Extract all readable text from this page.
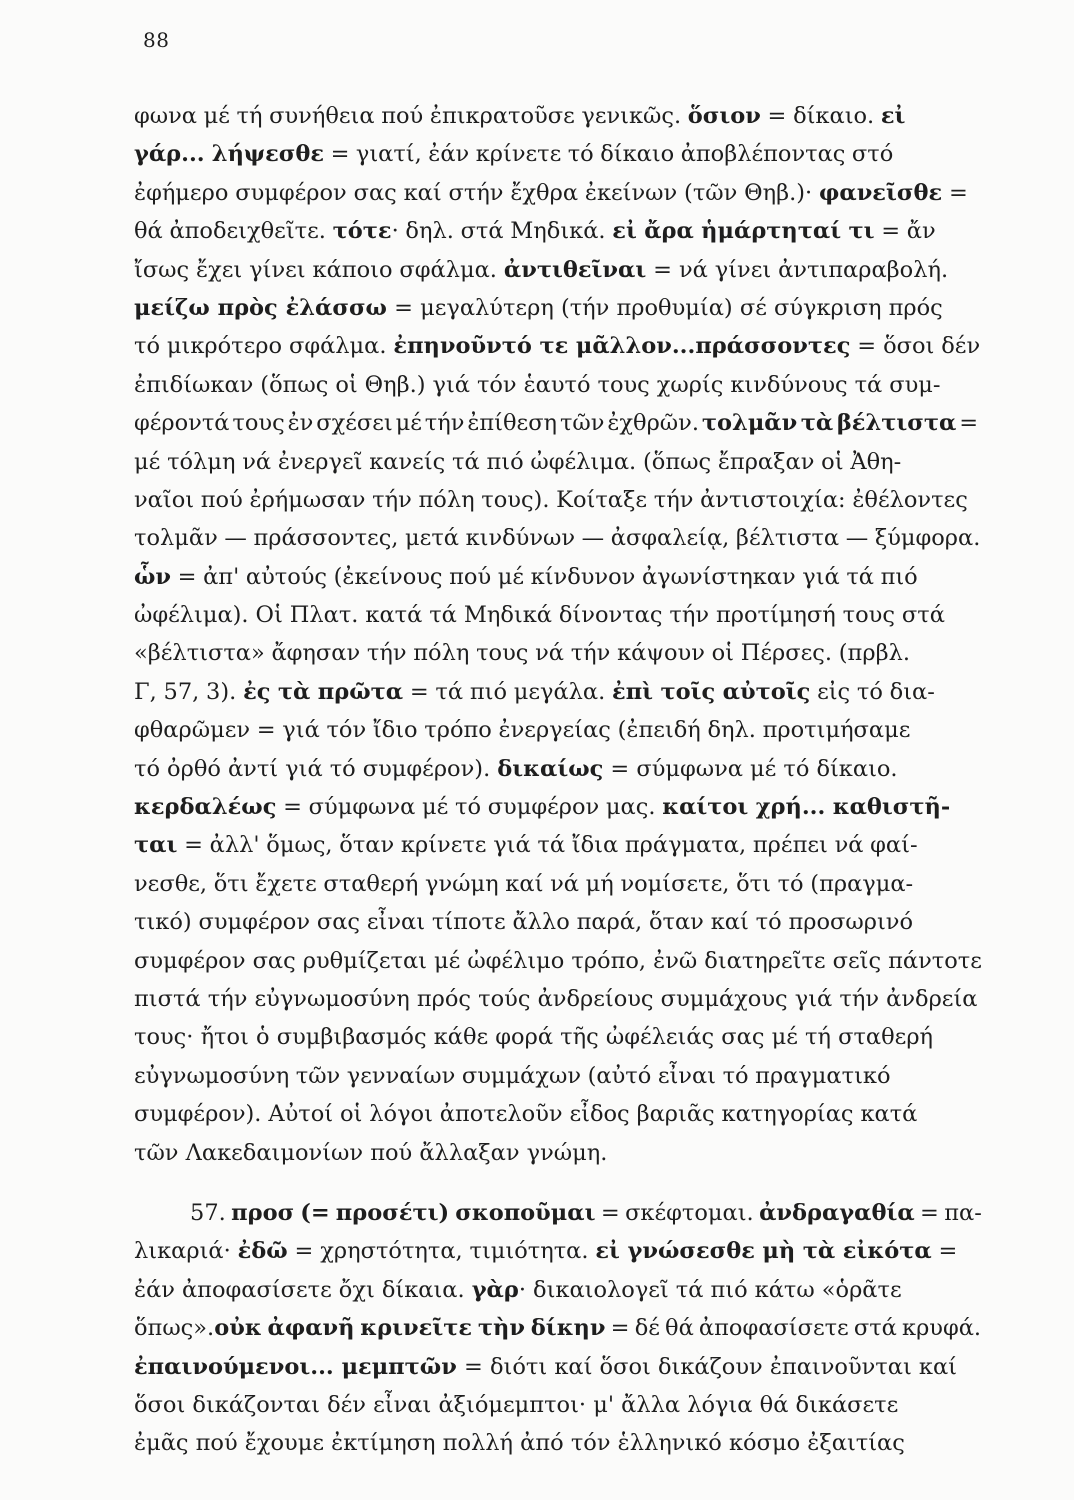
88
φωνα μέ τή συνήθεια πού ἐπικρατοῦσε γενικῶς. ὅσιον = δίκαιο. εἰ
γάρ... λήψεσθε = γιατί, ἐάν κρίνετε τό δίκαιο ἀποβλέποντας στό
ἐφήμερο συμφέρον σας καί στήν ἔχθρα ἐκείνων (τῶν Θηβ.)· φανεῖσθε =
θά ἀποδειχθεῖτε. τότε· δηλ. στά Μηδικά. εἰ ἄρα ἡμάρτηταί τι = ἄν
ἴσως ἔχει γίνει κάποιο σφάλμα. ἀντιθεῖναι = νά γίνει ἀντιπαραβολή.
μείζω πρὸς ἐλάσσω = μεγαλύτερη (τήν προθυμία) σέ σύγκριση πρός
τό μικρότερο σφάλμα. ἐπηνοῦντό τε μᾶλλον...πράσσοντες = ὅσοι δέν
ἐπιδίωκαν (ὅπως οἱ Θηβ.) γιά τόν ἑαυτό τους χωρίς κινδύνους τά συμ-
φέροντά τους ἐν σχέσει μέ τήν ἐπίθεση τῶν ἐχθρῶν. τολμᾶν τὰ βέλτιστα =
μέ τόλμη νά ἐνεργεῖ κανείς τά πιό ὠφέλιμα. (ὅπως ἔπραξαν οἱ Ἀθη-
ναῖοι πού ἐρήμωσαν τήν πόλη τους). Κοίταξε τήν ἀντιστοιχία: ἐθέλοντες
τολμᾶν — πράσσοντες, μετά κινδύνων — ἀσφαλείᾳ, βέλτιστα — ξύμφορα.
ὧν = ἀπ' αὐτούς (ἐκείνους πού μέ κίνδυνον ἀγωνίστηκαν γιά τά πιό
ὠφέλιμα). Οἱ Πλατ. κατά τά Μηδικά δίνοντας τήν προτίμησή τους στά
«βέλτιστα» ἄφησαν τήν πόλη τους νά τήν κάψουν οἱ Πέρσες. (πρβλ.
Γ, 57, 3). ἐς τὰ πρῶτα = τά πιό μεγάλα. ἐπὶ τοῖς αὐτοῖς εἰς τό δια-
φθαρῶμεν = γιά τόν ἴδιο τρόπο ἐνεργείας (ἐπειδή δηλ. προτιμήσαμε
τό ὀρθό ἀντί γιά τό συμφέρον). δικαίως = σύμφωνα μέ τό δίκαιο.
κερδαλέως = σύμφωνα μέ τό συμφέρον μας. καίτοι χρή... καθιστῆ-
ται = ἀλλ' ὅμως, ὅταν κρίνετε γιά τά ἴδια πράγματα, πρέπει νά φαί-
νεσθε, ὅτι ἔχετε σταθερή γνώμη καί νά μή νομίσετε, ὅτι τό (πραγμα-
τικό) συμφέρον σας εἶναι τίποτε ἄλλο παρά, ὅταν καί τό προσωρινό
συμφέρον σας ρυθμίζεται μέ ὠφέλιμο τρόπο, ἐνῶ διατηρεῖτε σεῖς πάντοτε
πιστά τήν εὐγνωμοσύνη πρός τούς ἀνδρείους συμμάχους γιά τήν ἀνδρεία
τους· ἤτοι ὁ συμβιβασμός κάθε φορά τῆς ὠφέλειάς σας μέ τή σταθερή
εὐγνωμοσύνη τῶν γενναίων συμμάχων (αὐτό εἶναι τό πραγματικό
συμφέρον). Αὐτοί οἱ λόγοι ἀποτελοῦν εἶδος βαριᾶς κατηγορίας κατά
τῶν Λακεδαιμονίων πού ἄλλαξαν γνώμη.
57. προσ (= προσέτι) σκοποῦμαι = σκέφτομαι. ἀνδραγαθία = πα-
λικαριά· ἐδῶ = χρηστότητα, τιμιότητα. εἰ γνώσεσθε μὴ τὰ εἰκότα =
ἐάν ἀποφασίσετε ὄχι δίκαια. γὰρ· δικαιολογεῖ τά πιό κάτω «ὁρᾶτε
ὅπως».οὐκ ἀφανῆ κρινεῖτε τὴν δίκην = δέ θά ἀποφασίσετε στά κρυφά.
ἐπαινούμενοι... μεμπτῶν = διότι καί ὅσοι δικάζουν ἐπαινοῦνται καί
ὅσοι δικάζονται δέν εἶναι ἀξιόμεμπτοι· μ' ἄλλα λόγια θά δικάσετε
ἐμᾶς πού ἔχουμε ἐκτίμηση πολλή ἀπό τόν ἑλληνικό κόσμο ἐξαιτίας
